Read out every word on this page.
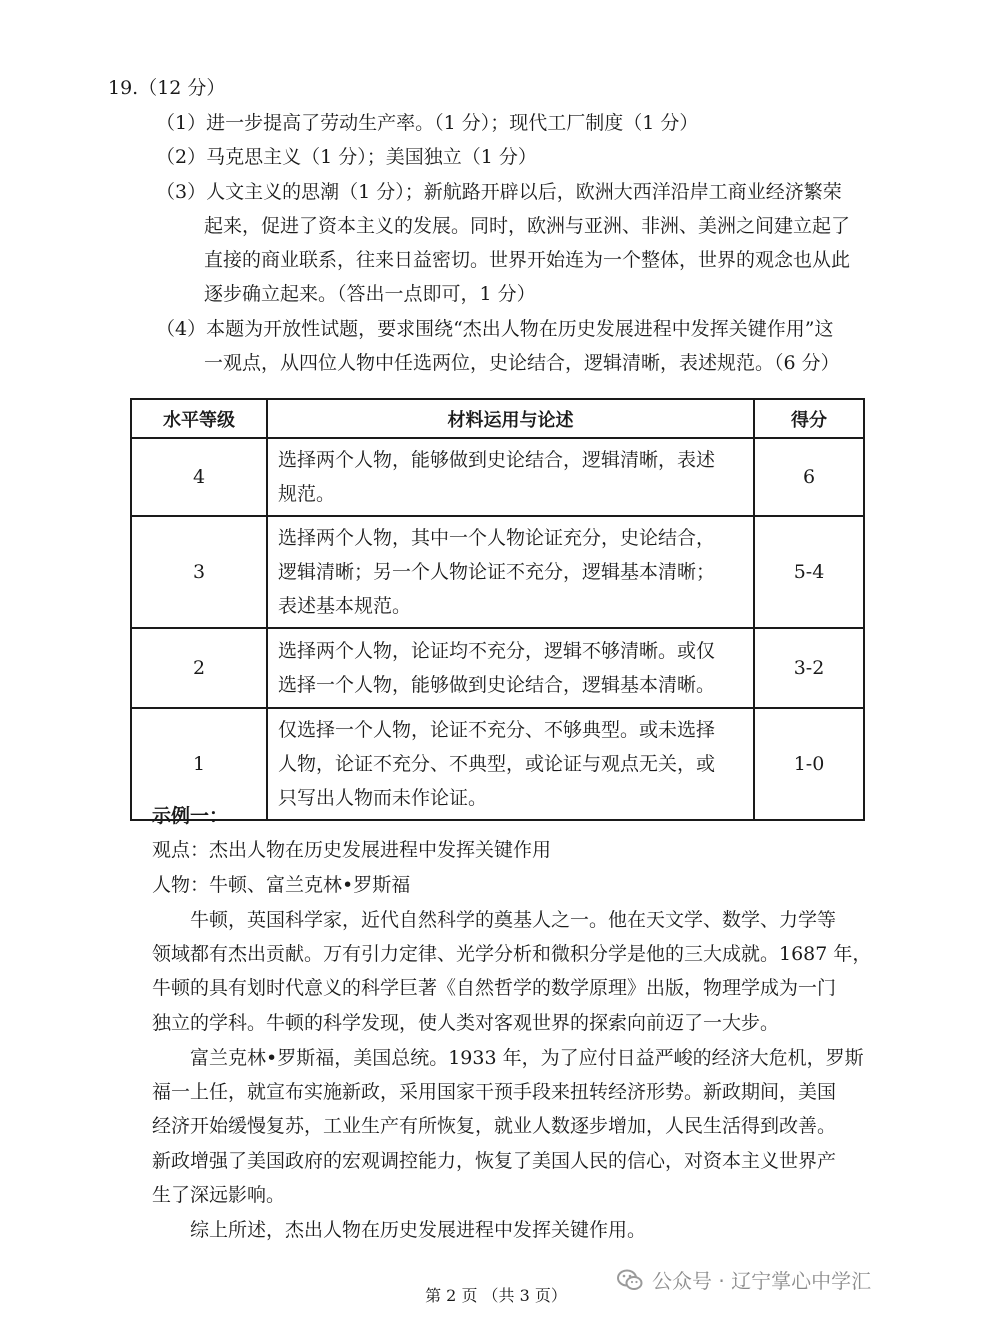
19.（12 分）
（1）进一步提高了劳动生产率。（1 分）；现代工厂制度（1 分）
（2）马克思主义（1 分）；美国独立（1 分）
（3）人文主义的思潮（1 分）；新航路开辟以后，欧洲大西洋沿岸工商业经济繁荣
起来，促进了资本主义的发展。同时，欧洲与亚洲、非洲、美洲之间建立起了
直接的商业联系，往来日益密切。世界开始连为一个整体，世界的观念也从此
逐步确立起来。（答出一点即可，1 分）
（4）本题为开放性试题，要求围绕“杰出人物在历史发展进程中发挥关键作用”这
一观点，从四位人物中任选两位，史论结合，逻辑清晰，表述规范。（6 分）
水平等级	材料运用与论述	得分
4	选择两个人物，能够做到史论结合，逻辑清晰，表述
规范。	6
3	选择两个人物，其中一个人物论证充分，史论结合，
逻辑清晰；另一个人物论证不充分，逻辑基本清晰；
表述基本规范。	5-4
2	选择两个人物，论证均不充分，逻辑不够清晰。或仅
选择一个人物，能够做到史论结合，逻辑基本清晰。	3-2
1	仅选择一个人物，论证不充分、不够典型。或未选择
人物，论证不充分、不典型，或论证与观点无关，或
只写出人物而未作论证。	1-0
示例一：
观点：杰出人物在历史发展进程中发挥关键作用
人物：牛顿、富兰克林•罗斯福
牛顿，英国科学家，近代自然科学的奠基人之一。他在天文学、数学、力学等
领域都有杰出贡献。万有引力定律、光学分析和微积分学是他的三大成就。1687 年，
牛顿的具有划时代意义的科学巨著《自然哲学的数学原理》出版，物理学成为一门
独立的学科。牛顿的科学发现，使人类对客观世界的探索向前迈了一大步。
富兰克林•罗斯福，美国总统。1933 年，为了应付日益严峻的经济大危机，罗斯
福一上任，就宣布实施新政，采用国家干预手段来扭转经济形势。新政期间，美国
经济开始缓慢复苏，工业生产有所恢复，就业人数逐步增加，人民生活得到改善。
新政增强了美国政府的宏观调控能力，恢复了美国人民的信心，对资本主义世界产
生了深远影响。
综上所述，杰出人物在历史发展进程中发挥关键作用。
公众号 · 辽宁掌心中学汇
第 2 页 （共 3 页）
